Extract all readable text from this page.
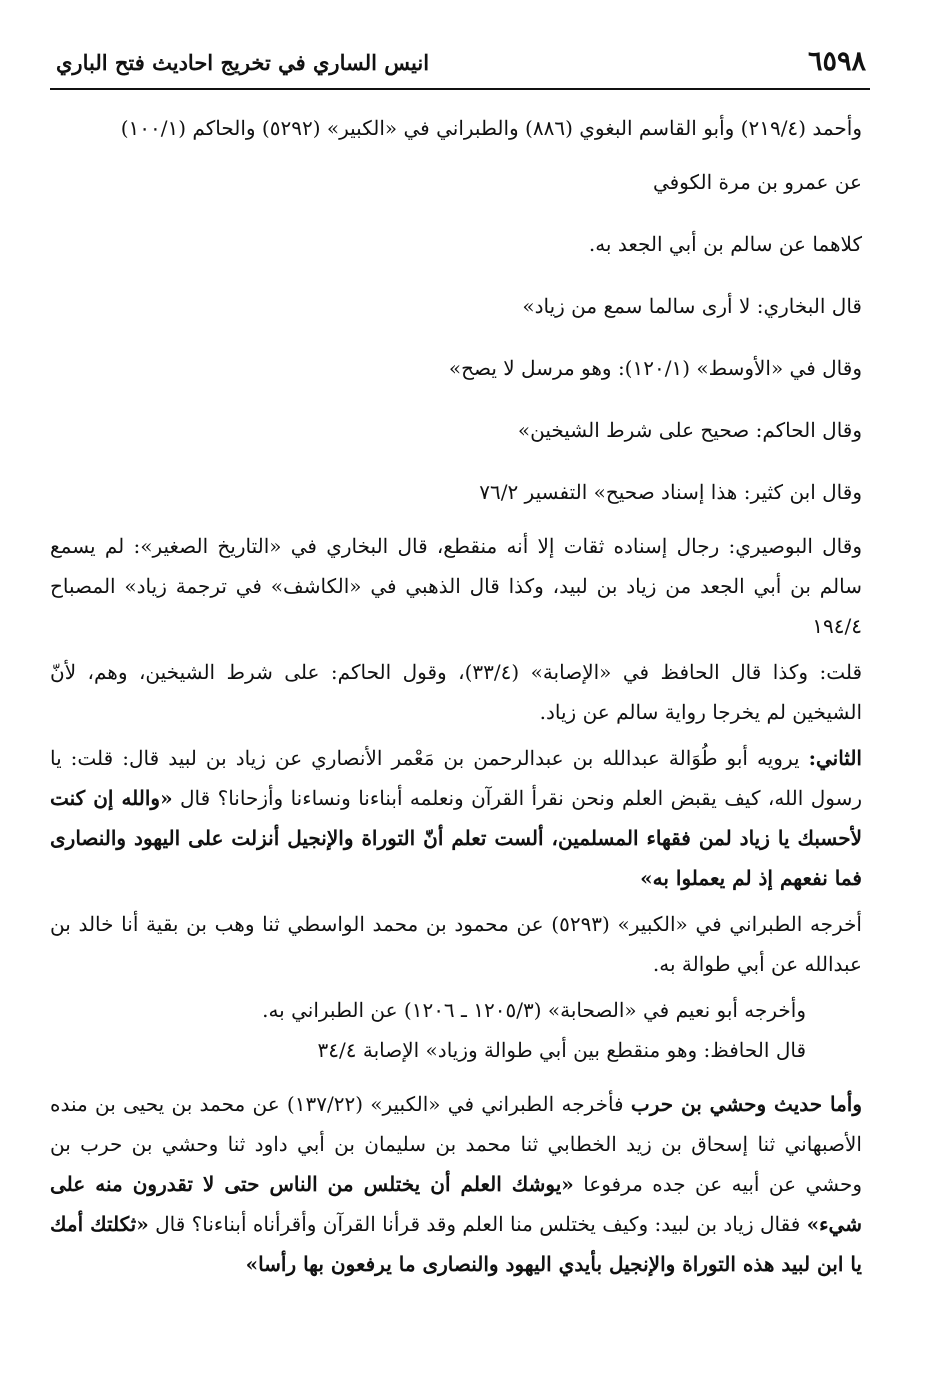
٦٥٩٨
انيس الساري في تخريج احاديث فتح الباري

وأحمد (٢١٩/٤) وأبو القاسم البغوي (٨٨٦) والطبراني في «الكبير» (٥٢٩٢) والحاكم (١٠٠/١)

عن عمرو بن مرة الكوفي

كلاهما عن سالم بن أبي الجعد به.

قال البخاري: لا أرى سالما سمع من زياد»

وقال في «الأوسط» (١٢٠/١): وهو مرسل لا يصح»

وقال الحاكم: صحيح على شرط الشيخين»

وقال ابن كثير: هذا إسناد صحيح» التفسير ٧٦/٢

وقال البوصيري: رجال إسناده ثقات إلا أنه منقطع، قال البخاري في «التاريخ الصغير»: لم يسمع سالم بن أبي الجعد من زياد بن لبيد، وكذا قال الذهبي في «الكاشف» في ترجمة زياد» المصباح ١٩٤/٤

قلت: وكذا قال الحافظ في «الإصابة» (٣٣/٤)، وقول الحاكم: على شرط الشيخين، وهم، لأنّ الشيخين لم يخرجا رواية سالم عن زياد.

الثاني: يرويه أبو طُوَالة عبدالله بن عبدالرحمن بن مَعْمر الأنصاري عن زياد بن لبيد قال: قلت: يا رسول الله، كيف يقبض العلم ونحن نقرأ القرآن ونعلمه أبناءنا ونساءنا وأزحانا؟ قال «والله إن كنت لأحسبك يا زياد لمن فقهاء المسلمين، ألست تعلم أنّ التوراة والإنجيل أنزلت على اليهود والنصارى فما نفعهم إذ لم يعملوا به»

أخرجه الطبراني في «الكبير» (٥٢٩٣) عن محمود بن محمد الواسطي ثنا وهب بن بقية أنا خالد بن عبدالله عن أبي طوالة به.

وأخرجه أبو نعيم في «الصحابة» (١٢٠٥/٣ ـ ١٢٠٦) عن الطبراني به.

قال الحافظ: وهو منقطع بين أبي طوالة وزياد» الإصابة ٣٤/٤

وأما حديث وحشي بن حرب فأخرجه الطبراني في «الكبير» (١٣٧/٢٢) عن محمد بن يحيى بن منده الأصبهاني ثنا إسحاق بن زيد الخطابي ثنا محمد بن سليمان بن أبي داود ثنا وحشي بن حرب بن وحشي عن أبيه عن جده مرفوعا «يوشك العلم أن يختلس من الناس حتى لا تقدرون منه على شيء» فقال زياد بن لبيد: وكيف يختلس منا العلم وقد قرأنا القرآن وأقرأناه أبناءنا؟ قال «ثكلتك أمك يا ابن لبيد هذه التوراة والإنجيل بأيدي اليهود والنصارى ما يرفعون بها رأسا»
